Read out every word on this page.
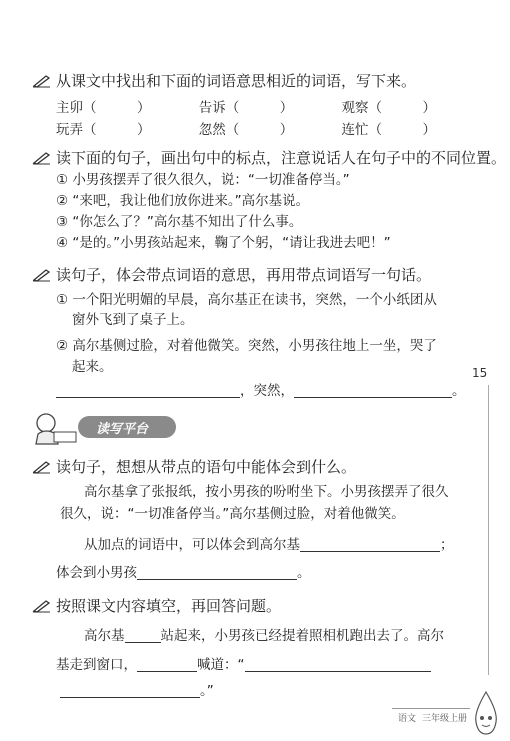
从课文中找出和下面的词语意思相近的词语，写下来。
主卯（　　　）	告诉（　　　）	观察（　　　）
玩弄（　　　）	忽然（　　　）	连忙（　　　）
读下面的句子，画出句中的标点，注意说话人在句子中的不同位置。
① 小男孩摆弄了很久很久，说：“一切准备停当。”
② “来吧，我让他们放你进来。”高尔基说。
③ “你怎么了？”高尔基不知出了什么事。
④ “是的。”小男孩站起来，鞠了个躬，“请让我进去吧！”
读句子，体会带点词语的意思，再用带点词语写一句话。
① 一个阳光明媚的早晨，高尔基正在读书，突然，一个小纸团从
窗外飞到了桌子上。
② 高尔基侧过脸，对着他微笑。突然，小男孩往地上一坐，哭了
起来。
，突然，	。
15
读写平台
读句子，想想从带点的语句中能体会到什么。
高尔基拿了张报纸，按小男孩的吩咐坐下。小男孩摆弄了很久
很久，说：“一切准备停当。”高尔基侧过脸，对着他微笑。
从加点的词语中，可以体会到高尔基	；
体会到小男孩	。
按照课文内容填空，再回答问题。
高尔基	站起来，小男孩已经提着照相机跑出去了。高尔
基走到窗口，	喊道：“
。”
语文 三年级上册
